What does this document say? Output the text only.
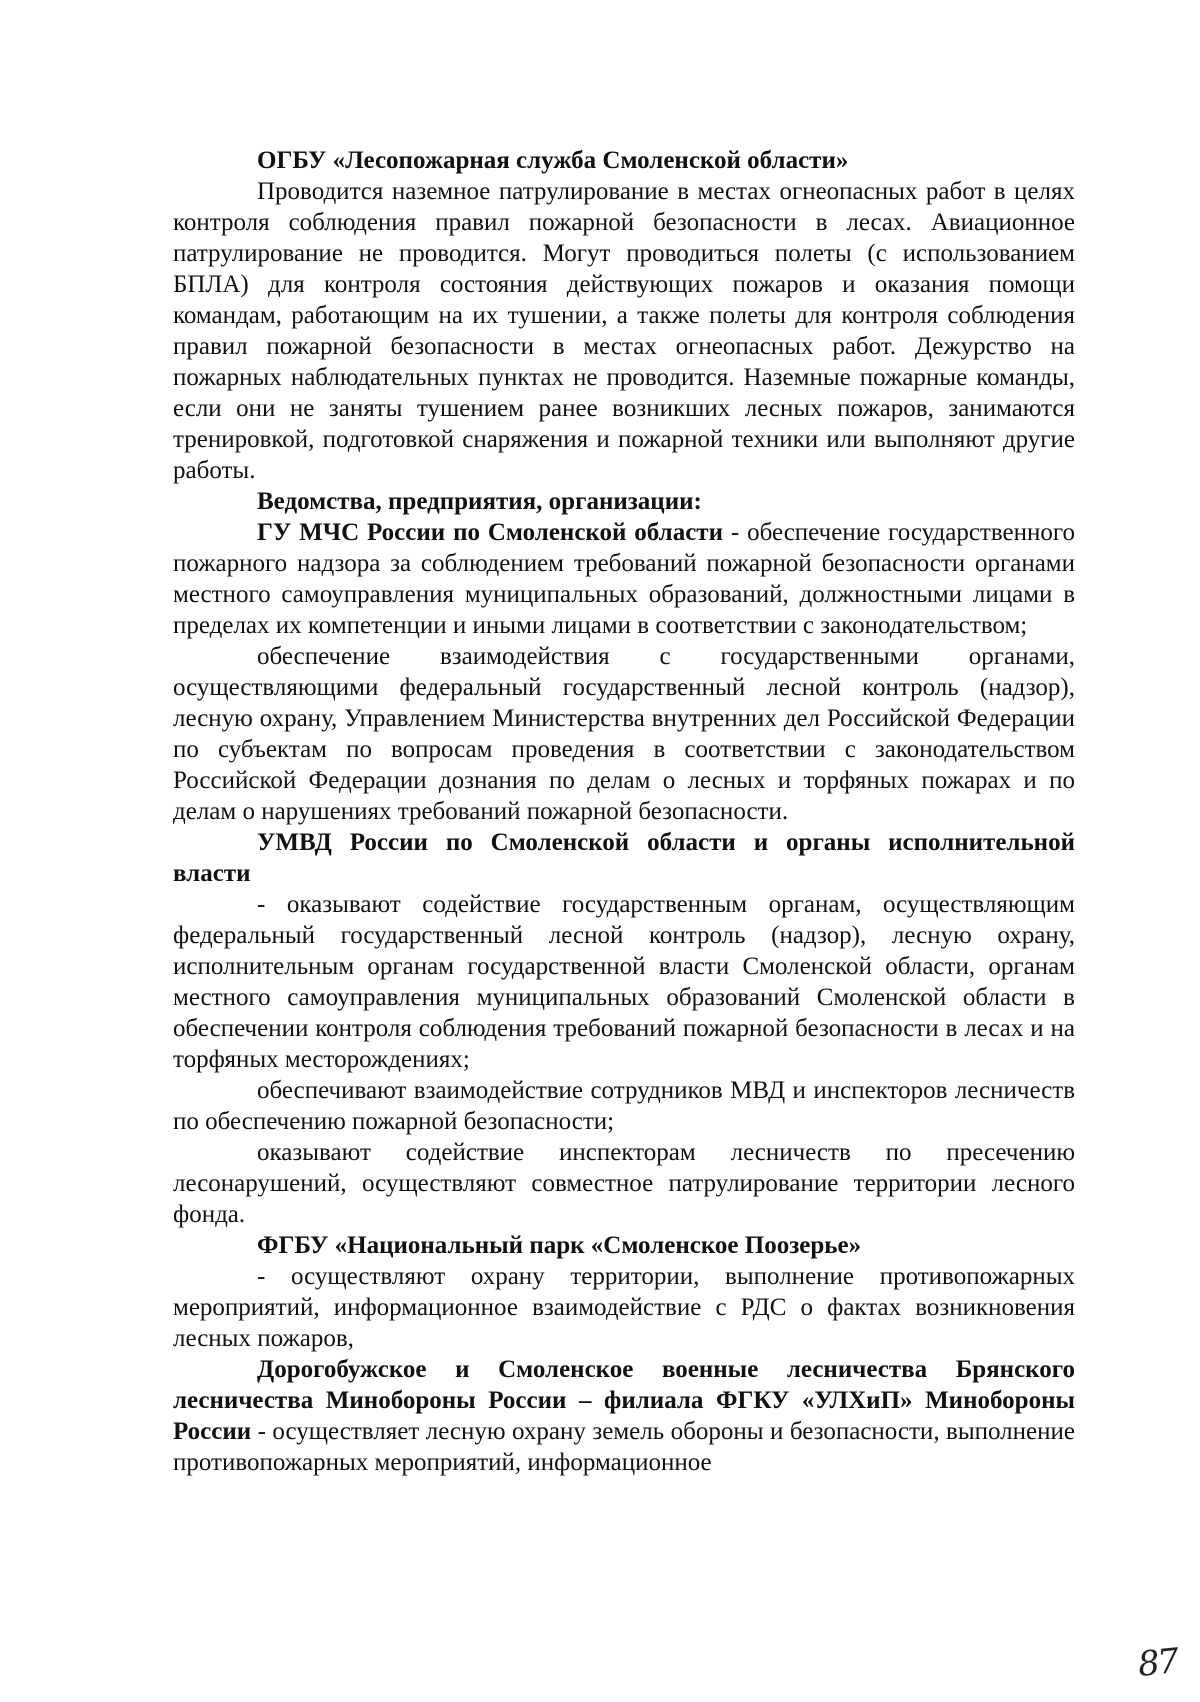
ОГБУ «Лесопожарная служба Смоленской области»

Проводится наземное патрулирование в местах огнеопасных работ в целях контроля соблюдения правил пожарной безопасности в лесах. Авиационное патрулирование не проводится. Могут проводиться полеты (с использованием БПЛА) для контроля состояния действующих пожаров и оказания помощи командам, работающим на их тушении, а также полеты для контроля соблюдения правил пожарной безопасности в местах огнеопасных работ. Дежурство на пожарных наблюдательных пунктах не проводится. Наземные пожарные команды, если они не заняты тушением ранее возникших лесных пожаров, занимаются тренировкой, подготовкой снаряжения и пожарной техники или выполняют другие работы.

Ведомства, предприятия, организации:

ГУ МЧС России по Смоленской области - обеспечение государственного пожарного надзора за соблюдением требований пожарной безопасности органами местного самоуправления муниципальных образований, должностными лицами в пределах их компетенции и иными лицами в соответствии с законодательством;

обеспечение взаимодействия с государственными органами, осуществляющими федеральный государственный лесной контроль (надзор), лесную охрану, Управлением Министерства внутренних дел Российской Федерации по субъектам по вопросам проведения в соответствии с законодательством Российской Федерации дознания по делам о лесных и торфяных пожарах и по делам о нарушениях требований пожарной безопасности.

УМВД России по Смоленской области и органы исполнительной власти

- оказывают содействие государственным органам, осуществляющим федеральный государственный лесной контроль (надзор), лесную охрану, исполнительным органам государственной власти Смоленской области, органам местного самоуправления муниципальных образований Смоленской области в обеспечении контроля соблюдения требований пожарной безопасности в лесах и на торфяных месторождениях;

обеспечивают взаимодействие сотрудников МВД и инспекторов лесничеств по обеспечению пожарной безопасности;

оказывают содействие инспекторам лесничеств по пресечению лесонарушений, осуществляют совместное патрулирование территории лесного фонда.

ФГБУ «Национальный парк «Смоленское Поозерье»

- осуществляют охрану территории, выполнение противопожарных мероприятий, информационное взаимодействие с РДС о фактах возникновения лесных пожаров,

Дорогобужское и Смоленское военные лесничества Брянского лесничества Минобороны России – филиала ФГКУ «УЛХиП» Минобороны России - осуществляет лесную охрану земель обороны и безопасности, выполнение противопожарных мероприятий, информационное

87
